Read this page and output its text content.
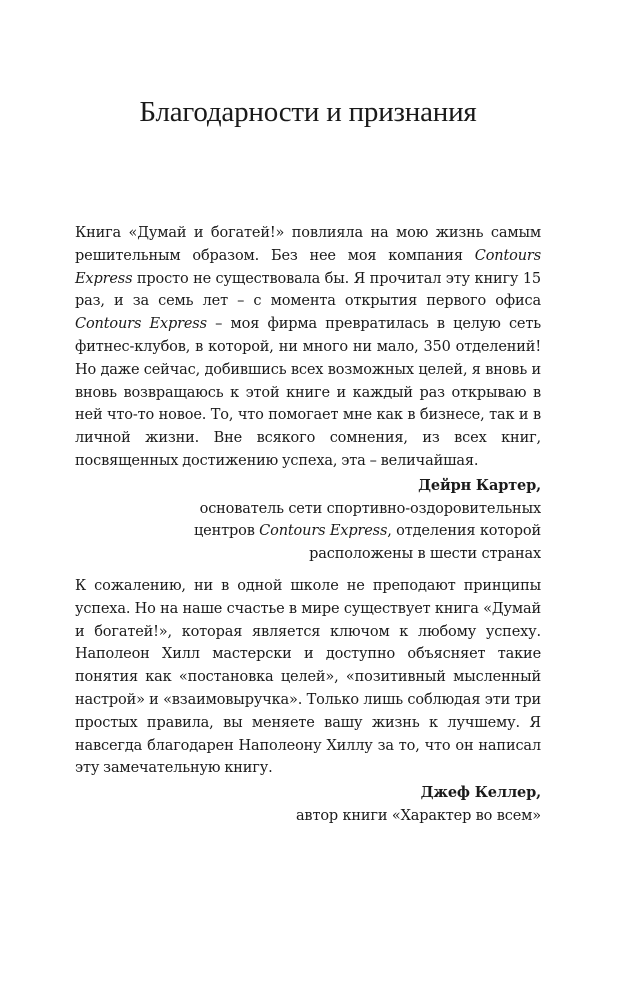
Благодарности и признания

Книга «Думай и богатей!» повлияла на мою жизнь самым решительным образом. Без нее моя компания Contours Express просто не существовала бы. Я прочитал эту книгу 15 раз, и за семь лет – с момента открытия первого офиса Contours Express – моя фирма превратилась в целую сеть фитнес-клубов, в которой, ни много ни мало, 350 отделений! Но даже сейчас, добившись всех возможных целей, я вновь и вновь возвращаюсь к этой книге и каждый раз открываю в ней что-то новое. То, что помогает мне как в бизнесе, так и в личной жизни. Вне всякого сомнения, из всех книг, посвященных достижению успеха, эта – величайшая.

Дейрн Картер,
основатель сети спортивно-оздоровительных
центров Contours Express, отделения которой
расположены в шести странах

К сожалению, ни в одной школе не преподают принципы успеха. Но на наше счастье в мире существует книга «Думай и богатей!», которая является ключом к любому успеху. Наполеон Хилл мастерски и доступно объясняет такие понятия как «постановка целей», «позитивный мысленный настрой» и «взаимовыручка». Только лишь соблюдая эти три простых правила, вы меняете вашу жизнь к лучшему. Я навсегда благодарен Наполеону Хиллу за то, что он написал эту замечательную книгу.

Джеф Келлер,
автор книги «Характер во всем»
